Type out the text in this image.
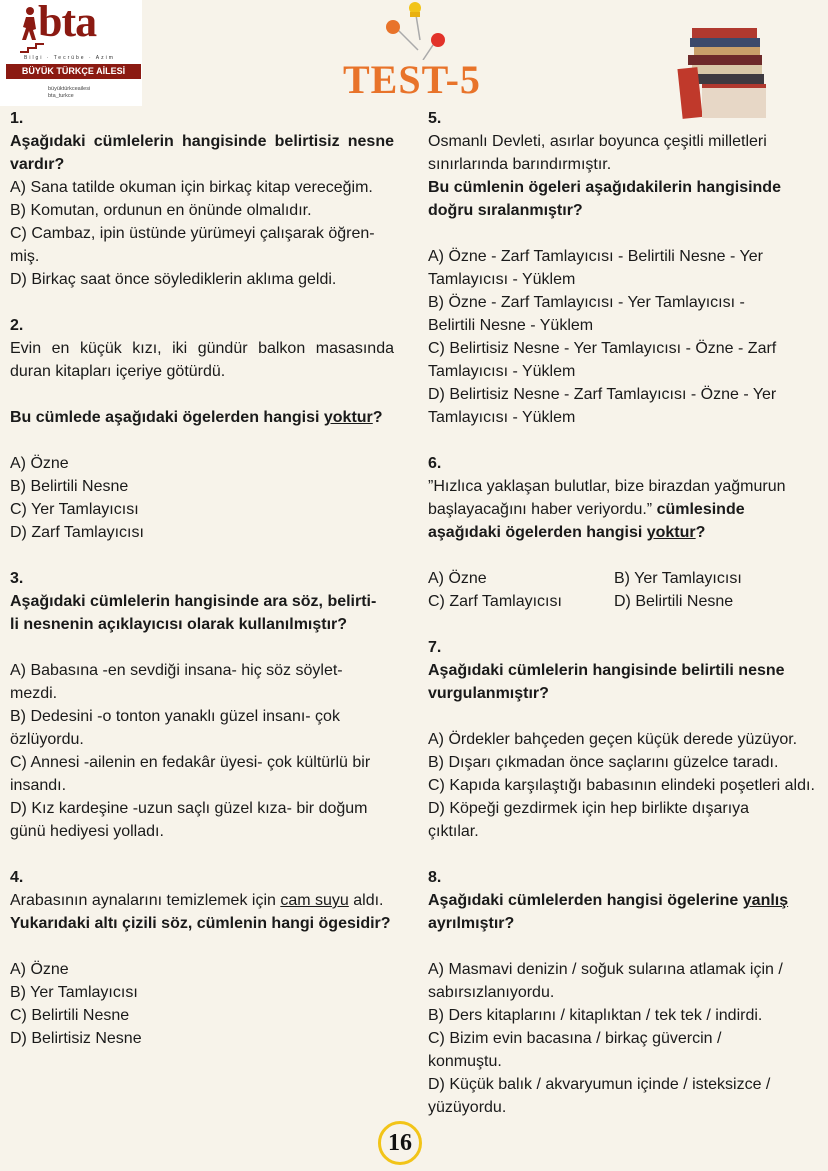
bta
Bilgi · Tecrübe · Azim
BÜYÜK TÜRKÇE AİLESİ
büyüktürkceailesi
bta_turkce	TEST-5
1.
Aşağıdaki cümlelerin hangisinde belirtisiz nesne vardır?
A) Sana tatilde okuman için birkaç kitap vereceğim.
B) Komutan, ordunun en önünde olmalıdır.
C) Cambaz, ipin üstünde yürümeyi çalışarak öğren-
miş.
D) Birkaç saat önce söylediklerin aklıma geldi.
2.
Evin en küçük kızı, iki gündür balkon masasında duran kitapları içeriye götürdü.
Bu cümlede aşağıdaki ögelerden hangisi yoktur?
A) Özne
B) Belirtili Nesne
C) Yer Tamlayıcısı
D) Zarf Tamlayıcısı
3.
Aşağıdaki cümlelerin hangisinde ara söz, belirti-
li nesnenin açıklayıcısı olarak kullanılmıştır?
A) Babasına -en sevdiği insana- hiç söz söylet-
mezdi.
B) Dedesini -o tonton yanaklı güzel insanı- çok özlüyordu.
C) Annesi -ailenin en fedakâr üyesi- çok kültürlü bir insandı.
D) Kız kardeşine -uzun saçlı güzel kıza- bir doğum günü hediyesi yolladı.
4.
Arabasının aynalarını temizlemek için cam suyu aldı.
Yukarıdaki altı çizili söz, cümlenin hangi ögesidir?
A) Özne
B) Yer Tamlayıcısı
C) Belirtili Nesne
D) Belirtisiz Nesne
5.
Osmanlı Devleti, asırlar boyunca çeşitli milletleri sınırlarında barındırmıştır.
Bu cümlenin ögeleri aşağıdakilerin hangisinde doğru sıralanmıştır?
A) Özne - Zarf Tamlayıcısı - Belirtili Nesne - Yer Tamlayıcısı - Yüklem
B) Özne - Zarf Tamlayıcısı - Yer Tamlayıcısı -
Belirtili Nesne - Yüklem
C) Belirtisiz Nesne - Yer Tamlayıcısı - Özne - Zarf Tamlayıcısı - Yüklem
D) Belirtisiz Nesne - Zarf Tamlayıcısı - Özne - Yer Tamlayıcısı - Yüklem
6.
”Hızlıca yaklaşan bulutlar, bize birazdan yağmurun başlayacağını haber veriyordu.” cümlesinde aşağıdaki ögelerden hangisi yoktur?
A) Özne	B) Yer Tamlayıcısı
C) Zarf Tamlayıcısı	D) Belirtili Nesne
7.
Aşağıdaki cümlelerin hangisinde belirtili nesne vurgulanmıştır?
A) Ördekler bahçeden geçen küçük derede yüzüyor.
B) Dışarı çıkmadan önce saçlarını güzelce taradı.
C) Kapıda karşılaştığı babasının elindeki poşetleri aldı.
D) Köpeği gezdirmek için hep birlikte dışarıya
çıktılar.
8.
Aşağıdaki cümlelerden hangisi ögelerine yanlış ayrılmıştır?
A) Masmavi denizin / soğuk sularına atlamak için /
sabırsızlanıyordu.
B) Ders kitaplarını / kitaplıktan / tek tek / indirdi.
C) Bizim evin bacasına / birkaç güvercin /
konmuştu.
D) Küçük balık / akvaryumun içinde / isteksizce /
yüzüyordu.
16
